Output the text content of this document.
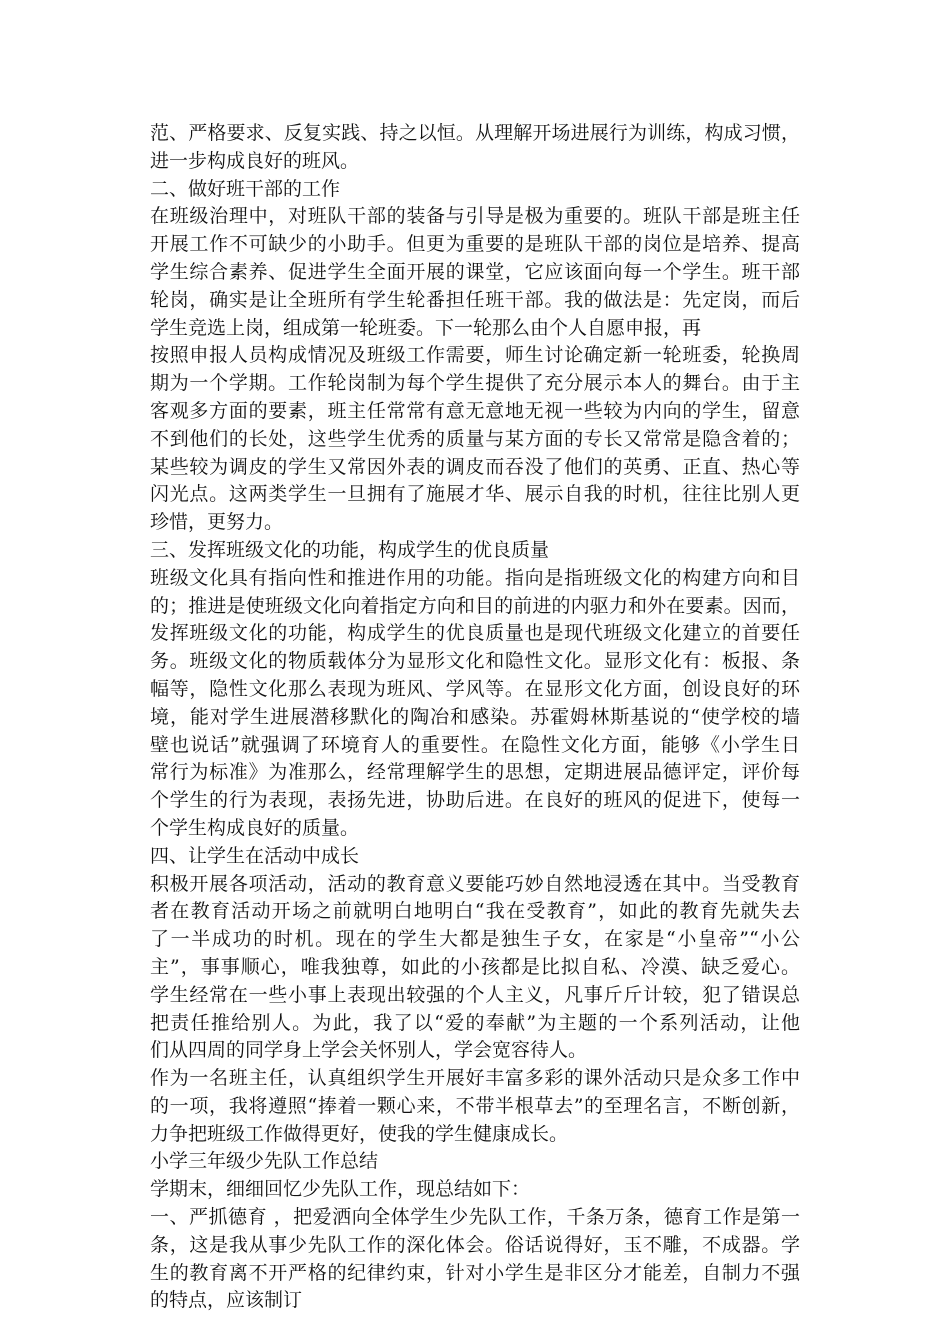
范、严格要求、反复实践、持之以恒。从理解开场进展行为训练，构成习惯，
进一步构成良好的班风。
二、做好班干部的工作
在班级治理中，对班队干部的装备与引导是极为重要的。班队干部是班主任
开展工作不可缺少的小助手。但更为重要的是班队干部的岗位是培养、提高
学生综合素养、促进学生全面开展的课堂，它应该面向每一个学生。班干部
轮岗，确实是让全班所有学生轮番担任班干部。我的做法是：先定岗，而后
学生竞选上岗，组成第一轮班委。下一轮那么由个人自愿申报，再
按照申报人员构成情况及班级工作需要，师生讨论确定新一轮班委，轮换周
期为一个学期。工作轮岗制为每个学生提供了充分展示本人的舞台。由于主
客观多方面的要素，班主任常常有意无意地无视一些较为内向的学生，留意
不到他们的长处，这些学生优秀的质量与某方面的专长又常常是隐含着的；
某些较为调皮的学生又常因外表的调皮而吞没了他们的英勇、正直、热心等
闪光点。这两类学生一旦拥有了施展才华、展示自我的时机，往往比别人更
珍惜，更努力。
三、发挥班级文化的功能，构成学生的优良质量
班级文化具有指向性和推进作用的功能。指向是指班级文化的构建方向和目
的；推进是使班级文化向着指定方向和目的前进的内驱力和外在要素。因而，
发挥班级文化的功能，构成学生的优良质量也是现代班级文化建立的首要任
务。班级文化的物质载体分为显形文化和隐性文化。显形文化有：板报、条
幅等，隐性文化那么表现为班风、学风等。在显形文化方面，创设良好的环
境，能对学生进展潜移默化的陶冶和感染。苏霍姆林斯基说的“使学校的墙
壁也说话”就强调了环境育人的重要性。在隐性文化方面，能够《小学生日
常行为标准》为准那么，经常理解学生的思想，定期进展品德评定，评价每
个学生的行为表现，表扬先进，协助后进。在良好的班风的促进下，使每一
个学生构成良好的质量。
四、让学生在活动中成长
积极开展各项活动，活动的教育意义要能巧妙自然地浸透在其中。当受教育
者在教育活动开场之前就明白地明白“我在受教育”，如此的教育先就失去
了一半成功的时机。现在的学生大都是独生子女，在家是“小皇帝”“小公
主”，事事顺心，唯我独尊，如此的小孩都是比拟自私、冷漠、缺乏爱心。
学生经常在一些小事上表现出较强的个人主义，凡事斤斤计较，犯了错误总
把责任推给别人。为此，我了以“爱的奉献”为主题的一个系列活动，让他
们从四周的同学身上学会关怀别人，学会宽容待人。
作为一名班主任，认真组织学生开展好丰富多彩的课外活动只是众多工作中
的一项，我将遵照“捧着一颗心来，不带半根草去”的至理名言，不断创新，
力争把班级工作做得更好，使我的学生健康成长。
小学三年级少先队工作总结
学期末，细细回忆少先队工作，现总结如下：
一、严抓德育 ，把爱洒向全体学生少先队工作，千条万条，德育工作是第一
条，这是我从事少先队工作的深化体会。俗话说得好，玉不雕，不成器。学
生的教育离不开严格的纪律约束，针对小学生是非区分才能差，自制力不强
的特点，应该制订
